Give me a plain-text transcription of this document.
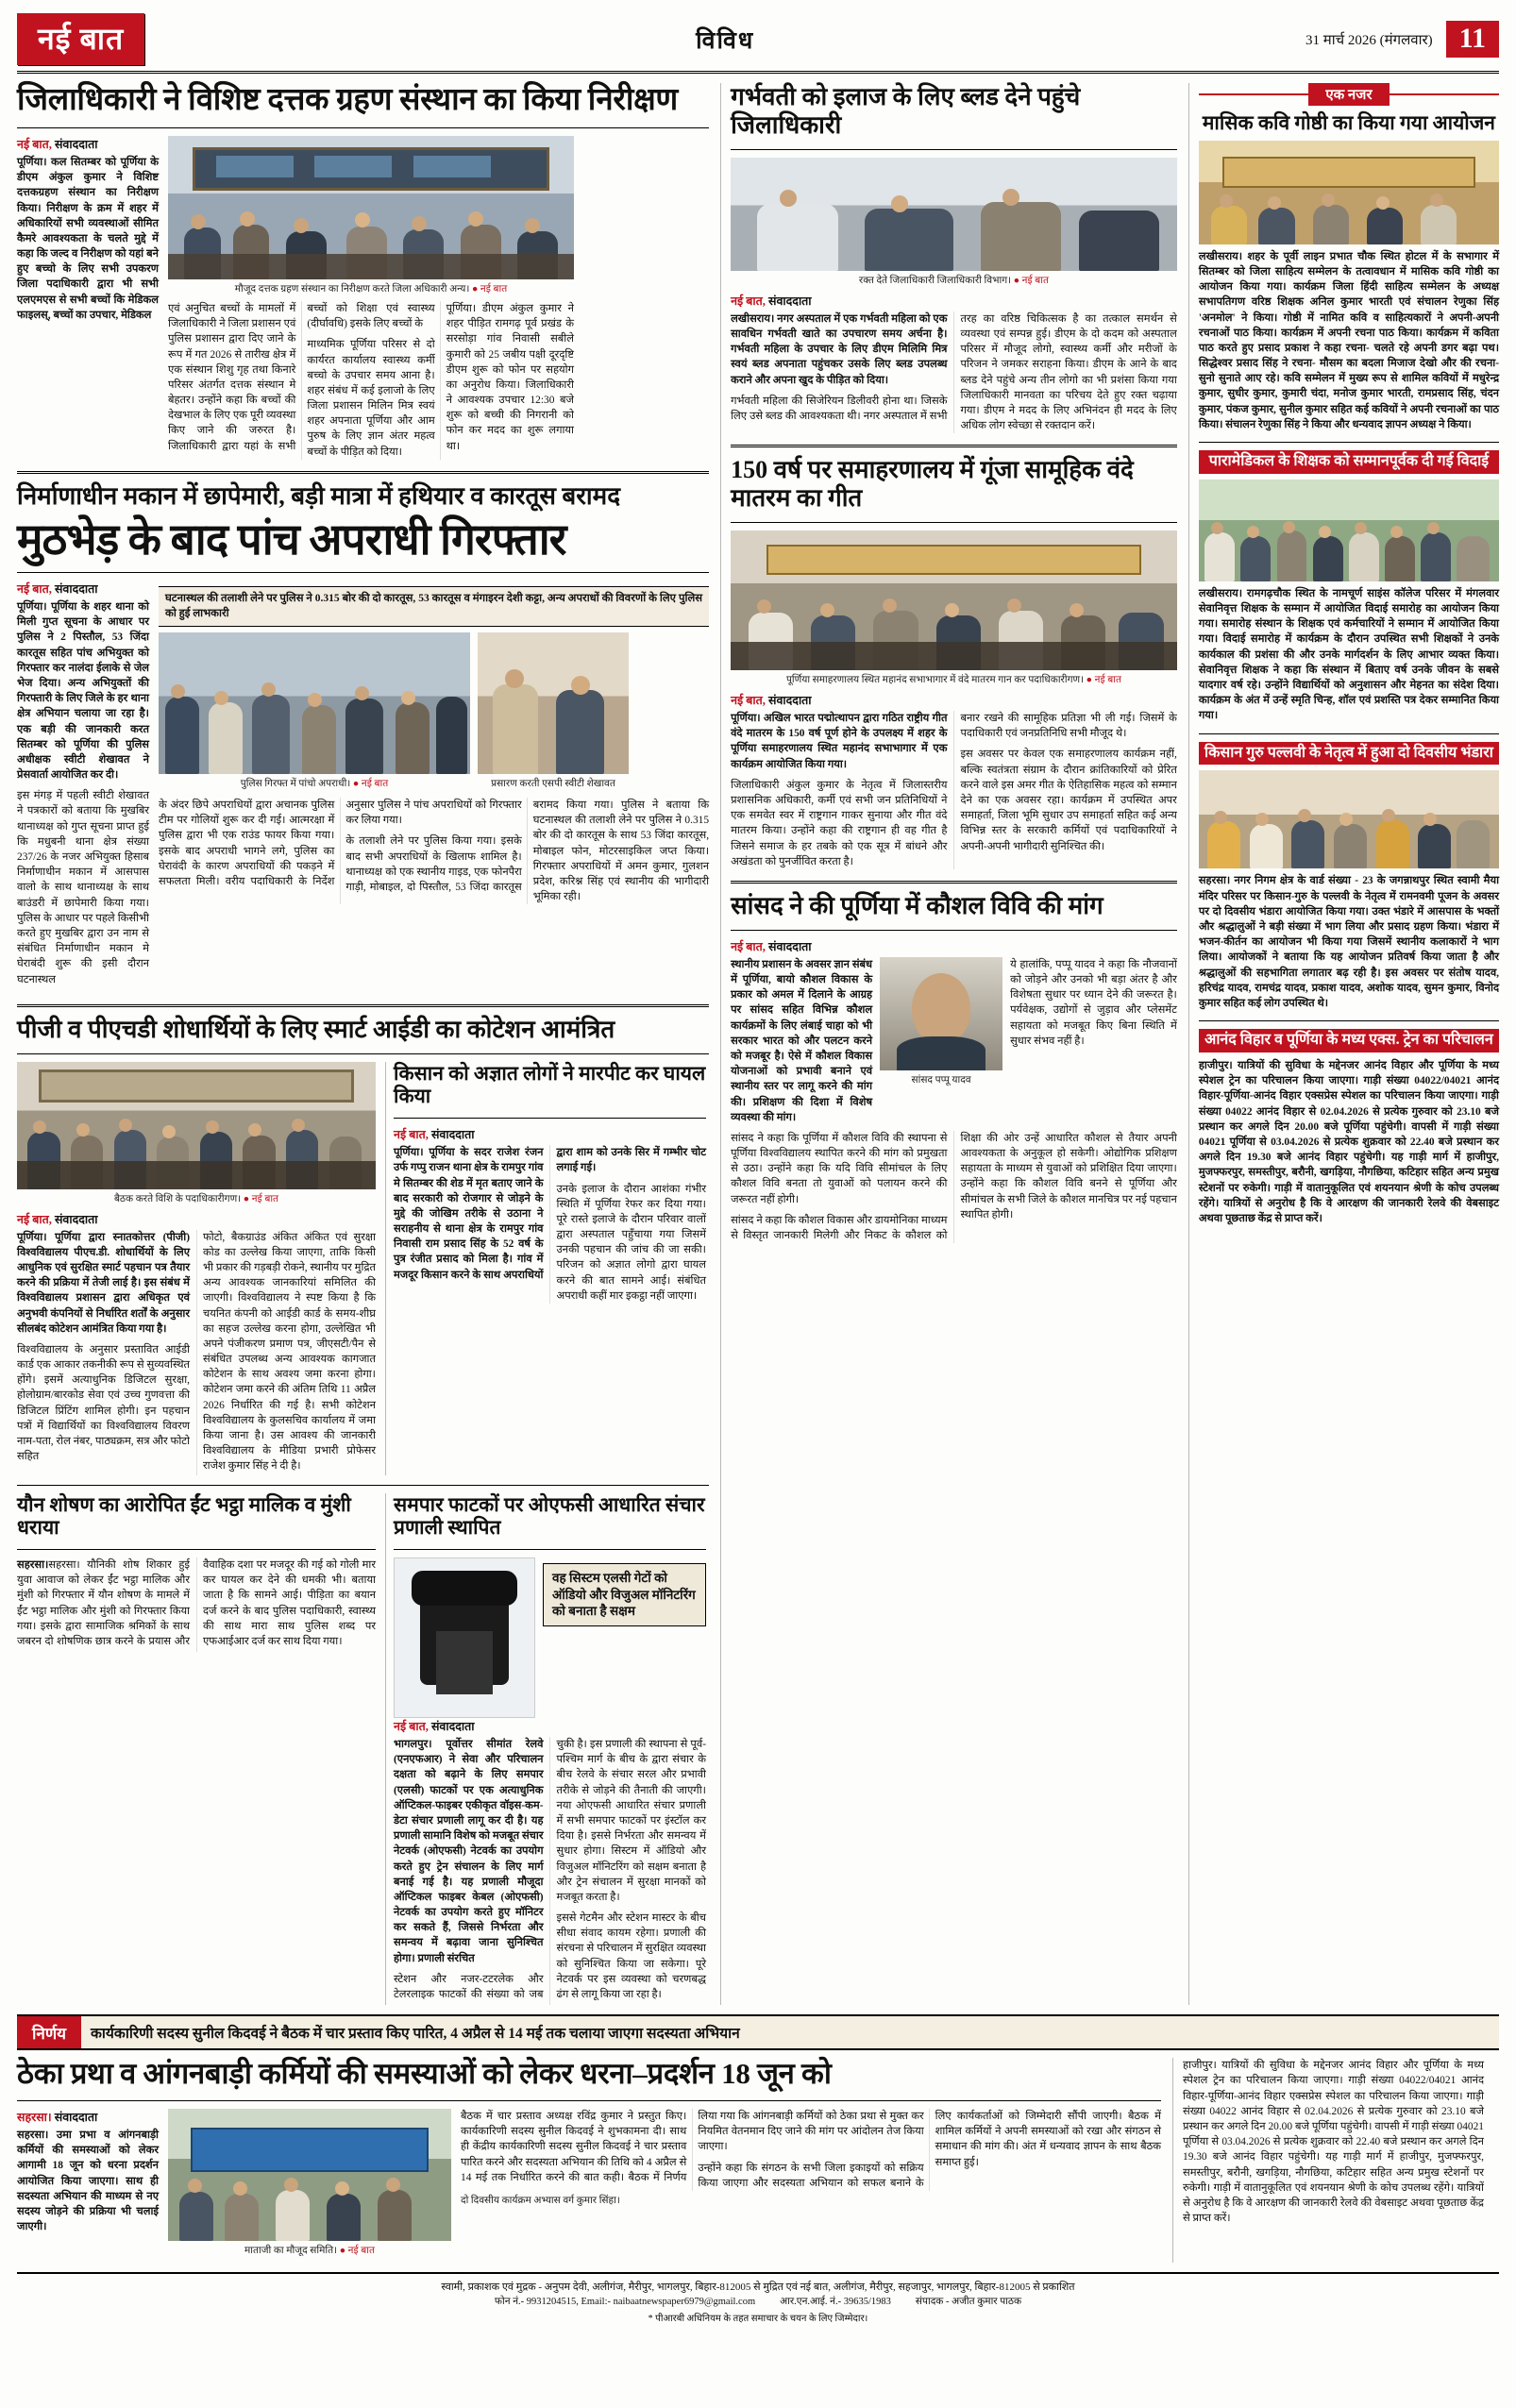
नई बात	विविध	31 मार्च 2026 (मंगलवार) 11
जिलाधिकारी ने विशिष्ट दत्तक ग्रहण संस्थान का किया निरीक्षण
नई बात, संवाददाता

पूर्णिया। कल सितम्बर को पूर्णिया के डीएम अंकुल कुमार ने विशिष्ट दत्तकग्रहण संस्थान का निरीक्षण किया। निरीक्षण के क्रम में शहर में अधिकारियों सभी व्यवस्थाओं सीमित कैमरे आवश्यकता के चलते मुद्दे में कहा कि जल्द व निरीक्षण को यहां बने हुए बच्चो के लिए सभी उपकरण जिला पदाधिकारी द्वारा भी सभी एलएमएस से सभी बच्चों कि मेडिकल फाइलस्, बच्चों का उपचार, मेडिकल

मौजूद दत्तक ग्रहण संस्थान का निरीक्षण करते जिला अधिकारी अन्य। ● नई बात

एवं अनुचित बच्चों के मामलों में जिलाधिकारी ने जिला प्रशासन एवं पुलिस प्रशासन द्वारा दिए जाने के रूप में गत 2026 से तारीख क्षेत्र में एक संस्थान शिशु गृह तथा किनारे परिसर अंतर्गत दत्तक संस्थान मे बेहतर। उन्होंने कहा कि बच्चों की देखभाल के लिए एक पूरी व्यवस्था किए जाने की जरुरत है। जिलाधिकारी द्वारा यहां के सभी बच्चों को शिक्षा एवं स्वास्थ्य (दीर्घावधि) इसके लिए बच्चों के

माध्यमिक पूर्णिया परिसर से दो कार्यरत कार्यालय स्वास्थ्य कर्मी बच्चो के उपचार समय आना है। शहर संबंध में कई इलाजो के लिए जिला प्रशासन मिलिन मित्र स्वयं शहर अपनाता पूर्णिया और आम पुरुष के लिए ज्ञान अंतर महत्व बच्चों के पीड़ित को दिया।

पूर्णिया। डीएम अंकुल कुमार ने शहर पीड़ित रामगढ़ पूर्व प्रखंड के सरसोड़ा गांव निवासी सबीले कुमारी को 25 जबीय पक्षी दूरदृष्टि डीएम शुरू को फोन पर सहयोग का अनुरोध किया। जिलाधिकारी ने आवश्यक उपचार 12:30 बजे शुरू को बच्ची की निगरानी को फोन कर मदद का शुरू लगाया था।

निर्माणाधीन मकान में छापेमारी, बड़ी मात्रा में हथियार व कारतूस बरामद
मुठभेड़ के बाद पांच अपराधी गिरफ्तार
नई बात, संवाददाता

पूर्णिया। पूर्णिया के शहर थाना को मिली गुप्त सूचना के आधार पर पुलिस ने 2 पिस्तौल, 53 जिंदा कारतूस सहित पांच अभियुक्त को गिरफ्तार कर नालंदा ईलाके से जेल भेज दिया। अन्य अभियुक्तों की गिरफ्तारी के लिए जिले के हर थाना क्षेत्र अभियान चलाया जा रहा है। एक बड़ी की जानकारी करत सितम्बर को पूर्णिया की पुलिस अधीक्षक स्वीटी शेखावत ने प्रेसवार्ता आयोजित कर दी।

इस मंगड़ में पहली स्वीटी शेखावत ने पत्रकारों को बताया कि मुखबिर थानाध्यक्ष को गुप्त सूचना प्राप्त हुई कि मधुबनी थाना क्षेत्र संख्या 237/26 के नजर अभियुक्त हिसाब निर्माणाधीन मकान में आसपास वालो के साथ थानाध्यक्ष के साथ बाउंडरी में छापेमारी किया गया। पुलिस के आधार पर पहले किसीभी करते हुए मुखबिर द्वारा उन नाम से संबंधित निर्माणाधीन मकान मे घेराबंदी शुरू की इसी दौरान घटनास्थल

घटनास्थल की तलाशी लेने पर पुलिस ने 0.315 बोर की दो कारतूस, 53 कारतूस व मंगाइरन देशी कट्टा, अन्य अपराधों की विवरणों के लिए पुलिस को हुई लाभकारी
पुलिस गिरफ्त में पांचो अपराधी। ● नई बात	प्रसारण करती एसपी स्वीटी शेखावत

के अंदर छिपे अपराधियों द्वारा अचानक पुलिस टीम पर गोलियों शुरू कर दी गई। आत्मरक्षा में पुलिस द्वारा भी एक राउंड फायर किया गया। इसके बाद अपराधी भागने लगे, पुलिस का घेरावंदी के कारण अपराधियों की पकड़ने में सफलता मिली। वरीय पदाधिकारी के निर्देश अनुसार पुलिस ने पांच अपराधियों को गिरफ्तार कर लिया गया।

के तलाशी लेने पर पुलिस किया गया। इसके बाद सभी अपराधियों के खिलाफ शामिल है। थानाध्यक्ष को एक स्थानीय गाइड, एक फोनपैरा गाड़ी, मोबाइल, दो पिस्तौल, 53 जिंदा कारतूस बरामद किया गया। पुलिस ने बताया कि घटनास्थल की तलाशी लेने पर पुलिस ने 0.315 बोर की दो कारतूस के साथ 53 जिंदा कारतूस, मोबाइल फोन, मोटरसाइकिल जप्त किया। गिरफ्तार अपराधियों में अमन कुमार, गुलशन प्रदेश, करिश्न सिंह एवं स्थानीय की भागीदारी भूमिका रही।

पीजी व पीएचडी शोधार्थियों के लिए स्मार्ट आईडी का कोटेशन आमंत्रित
बैठक करते विशि के पदाधिकारीगण। ● नई बात
नई बात, संवाददाता

पूर्णिया। पूर्णिया द्वारा स्नातकोत्तर (पीजी) विश्वविद्यालय पीएच.डी. शोधार्थियों के लिए आधुनिक एवं सुरक्षित स्मार्ट पहचान पत्र तैयार करने की प्रक्रिया में तेजी लाई है। इस संबंध में विश्वविद्यालय प्रशासन द्वारा अधिकृत एवं अनुभवी कंपनियों से निर्धारित शर्तों के अनुसार सीलबंद कोटेशन आमंत्रित किया गया है।

विश्वविद्यालय के अनुसार प्रस्तावित आईडी कार्ड एक आकार तकनीकी रूप से सुव्यवस्थित होंगे। इसमें अत्याधुनिक डिजिटल सुरक्षा, होलोग्राम/बारकोड सेवा एवं उच्च गुणवत्ता की डिजिटल प्रिंटिंग शामिल होगी। इन पहचान पत्रों में विद्यार्थियों का विश्वविद्यालय विवरण नाम-पता, रोल नंबर, पाठ्यक्रम, सत्र और फोटो सहित

फोटो, बैकग्राउंड अंकित अंकित एवं सुरक्षा कोड का उल्लेख किया जाएगा, ताकि किसी भी प्रकार की गड़बड़ी रोकने, स्थानीय पर मुद्रित अन्य आवश्यक जानकारियां समिलित की जाएगी। विश्वविद्यालय ने स्पष्ट किया है कि चयनित कंपनी को आईडी कार्ड के समय-शीघ्र का सहज उल्लेख करना होगा, उल्लेखित भी अपने पंजीकरण प्रमाण पत्र, जीएसटी/पैन से संबंधित उपलब्ध अन्य आवश्यक कागजात कोटेशन के साथ अवश्य जमा करना होगा। कोटेशन जमा करने की अंतिम तिथि 11 अप्रैल 2026 निर्धारित की गई है। सभी कोटेशन विश्वविद्यालय के कुलसचिव कार्यालय में जमा किया जाना है। उस आवश्य की जानकारी विश्वविद्यालय के मीडिया प्रभारी प्रोफेसर राजेश कुमार सिंह ने दी है।

किसान को अज्ञात लोगों ने मारपीट कर घायल किया
नई बात, संवाददाता

पूर्णिया। पूर्णिया के सदर राजेश रंजन उर्फ गप्पु राजन थाना क्षेत्र के रामपुर गांव मे सितम्बर की शेड में मृत बताए जाने के बाद सरकारी को रोजगार से जोड़ने के मुद्दे की जोखिम तरीके से उठाना ने सराहनीय से थाना क्षेत्र के रामपुर गांव निवासी राम प्रसाद सिंह के 52 वर्ष के पुत्र रंजीत प्रसाद को मिला है। गांव में मजदूर किसान करने के साथ अपराधियों द्वारा शाम को उनके सिर में गम्भीर चोट लगाई गई।

उनके इलाज के दौरान आशंका गंभीर स्थिति में पूर्णिया रेफर कर दिया गया। पूरे रास्ते इलाजे के दौरान परिवार वालों द्वारा अस्पताल पहुँचाया गया जिसमें उनकी पहचान की जांच की जा सकी। परिजन को अज्ञात लोगो द्वारा घायल करने की बात सामने आई। संबंधित अपराधी कहीं मार इकट्ठा नहीं जाएगा।

यौन शोषण का आरोपित ईंट भट्ठा मालिक व मुंशी धराया

सहरसा।सहरसा। यौनिकी शोष शिकार हुई युवा आवाज को लेकर ईंट भट्ठा मालिक और मुंशी को गिरफ्तार में यौन शोषण के मामले में ईंट भट्ठा मालिक और मुंशी को गिरफ्तार किया गया। इसके द्वारा सामाजिक श्रमिकों के साथ जबरन दो शोषणिक छात्र करने के प्रयास और वैवाहिक दशा पर मजदूर की गई को गोली मार कर घायल कर देने की धमकी भी। बताया जाता है कि सामने आई। पीड़िता का बयान दर्ज करने के बाद पुलिस पदाधिकारी, स्वास्थ्य की साथ मारा साथ पुलिस शब्द पर एफआईआर दर्ज कर साथ दिया गया।

समपार फाटकों पर ओएफसी आधारित संचार प्रणाली स्थापित
वह सिस्टम एलसी गेटों को ऑडियो और विजुअल मॉनिटरिंग को बनाता है सक्षम
नई बात, संवाददाता

भागलपुर। पूर्वोत्तर सीमांत रेलवे (एनएफआर) ने सेवा और परिचालन दक्षता को बढ़ाने के लिए समपार (एलसी) फाटकों पर एक अत्याधुनिक ऑप्टिकल-फाइबर एकीकृत वॉइस-कम-डेटा संचार प्रणाली लागू कर दी है। यह प्रणाली सामानि विशेष को मजबूत संचार नेटवर्क (ओएफसी) नेटवर्क का उपयोग करते हुए ट्रेन संचालन के लिए मार्ग बनाई गई है। यह प्रणाली मौजूदा ऑप्टिकल फाइबर केबल (ओएफसी) नेटवर्क का उपयोग करते हुए मॉनिटर कर सकते हैं, जिससे निर्भरता और समन्वय में बढ़ावा जाना सुनिश्चित होगा। प्रणाली संरचित

स्टेशन और नजर-टटरलेक और टेलरलाइक फाटकों की संख्या को जब चुकी है। इस प्रणाली की स्थापना से पूर्व-पश्चिम मार्ग के बीच के द्वारा संचार के बीच रेलवे के संचार सरल और प्रभावी तरीके से जोड़ने की तैनाती की जाएगी। नया ओएफसी आधारित संचार प्रणाली में सभी समपार फाटकों पर इंस्टॉल कर दिया है। इससे निर्भरता और समन्वय में सुधार होगा। सिस्टम में ऑडियो और विजुअल मॉनिटरिंग को सक्षम बनाता है और ट्रेन संचालन में सुरक्षा मानकों को मजबूत करता है।

इससे गेटमैन और स्टेशन मास्टर के बीच सीधा संवाद कायम रहेगा। प्रणाली की संरचना से परिचालन में सुरक्षित व्यवस्था को सुनिश्चित किया जा सकेगा। पूरे नेटवर्क पर इस व्यवस्था को चरणबद्ध ढंग से लागू किया जा रहा है।

गर्भवती को इलाज के लिए ब्लड देने पहुंचे जिलाधिकारी
रक्त देते जिलाधिकारी जिलाधिकारी विभाग। ● नई बात
नई बात, संवाददाता

लखीसराय। नगर अस्पताल में एक गर्भवती महिला को एक सावधिन गर्भवती खाते का उपचारण समय अर्चना है। गर्भवती महिला के उपचार के लिए डीएम मिलिमि मित्र स्वयं ब्लड अपनाता पहुंचकर उसके लिए ब्लड उपलब्ध कराने और अपना खुद के पीड़ित को दिया।

गर्भवती महिला की सिजेरियन डिलीवरी होना था। जिसके लिए उसे ब्लड की आवश्यकता थी। नगर अस्पताल में सभी तरह का वरिष्ठ चिकित्सक है का तत्काल समर्थन से व्यवस्था एवं सम्पन्न हुई। डीएम के दो कदम को अस्पताल परिसर में मौजूद लोगो, स्वास्थ्य कर्मी और मरीजों के परिजन ने जमकर सराहना किया। डीएम के आने के बाद ब्लड देने पहुंचे अन्य तीन लोगो का भी प्रशंसा किया गया जिलाधिकारी मानवता का परिचय देते हुए रक्त चढ़ाया गया। डीएम ने मदद के लिए अभिनंदन ही मदद के लिए अधिक लोग स्वेच्छा से रक्तदान करें।

150 वर्ष पर समाहरणालय में गूंजा सामूहिक वंदे मातरम का गीत
पूर्णिया समाहरणालय स्थित महानंद सभाभागार में वंदे मातरम गान कर पदाधिकारीगण। ● नई बात
नई बात, संवाददाता

पूर्णिया। अखिल भारत पद्मोत्थापन द्वारा गठित राष्ट्रीय गीत वंदे मातरम के 150 वर्ष पूर्ण होने के उपलक्ष्य में शहर के पूर्णिया समाहरणालय स्थित महानंद सभाभागार में एक कार्यक्रम आयोजित किया गया।

जिलाधिकारी अंकुल कुमार के नेतृत्व में जिलास्तरीय प्रशासनिक अधिकारी, कर्मी एवं सभी जन प्रतिनिधियों ने एक समवेत स्वर में राष्ट्रगान गाकर सुनाया और गीत वंदे मातरम किया। उन्होंने कहा की राष्ट्रगान ही वह गीत है जिसने समाज के हर तबके को एक सूत्र में बांधने और अखंडता को पुनर्जीवित करता है।

बनार रखने की सामूहिक प्रतिज्ञा भी ली गई। जिसमें के पदाधिकारी एवं जनप्रतिनिधि सभी मौजूद थे।

इस अवसर पर केवल एक समाहरणालय कार्यक्रम नहीं, बल्कि स्वतंत्रता संग्राम के दौरान क्रांतिकारियों को प्रेरित करने वाले इस अमर गीत के ऐतिहासिक महत्व को सम्मान देने का एक अवसर रहा। कार्यक्रम में उपस्थित अपर समाहर्ता, जिला भूमि सुधार उप समाहर्ता सहित कई अन्य विभिन्न स्तर के सरकारी कर्मियों एवं पदाधिकारियों ने अपनी-अपनी भागीदारी सुनिश्चित की।

सांसद ने की पूर्णिया में कौशल विवि की मांग
नई बात, संवाददाता

स्थानीय प्रशासन के अवसर ज्ञान संबंध में पूर्णिया, बायो कौशल विकास के प्रकार को अमल में दिलाने के आग्रह पर सांसद सहित विभिन्न कौशल कार्यक्रमों के लिए लंबाई चाहा को भी सरकार भारत को और पलटन करने को मजबूर है। ऐसे में कौशल विकास योजनाओं को प्रभावी बनाने एवं स्थानीय स्तर पर लागू करने की मांग की। प्रशिक्षण की दिशा में विशेष व्यवस्था की मांग।

सांसद पप्पू यादव

ये हालांकि, पप्पू यादव ने कहा कि नौजवानों को जोड़ने और उनको भी बड़ा अंतर है और विशेषता सुधार पर ध्यान देने की जरूरत है। पर्यवेक्षक, उद्योगों से जुड़ाव और प्लेसमेंट सहायता को मजबूत किए बिना स्थिति में सुधार संभव नहीं है।

सांसद ने कहा कि पूर्णिया में कौशल विवि की स्थापना से पूर्णिया विश्वविद्यालय स्थापित करने की मांग को प्रमुखता से उठा। उन्होंने कहा कि यदि विवि सीमांचल के लिए कौशल विवि बनता तो युवाओं को पलायन करने की जरूरत नहीं होगी।

सांसद ने कहा कि कौशल विकास और डायमोनिका माध्यम से विस्तृत जानकारी मिलेगी और निकट के कौशल को शिक्षा की ओर उन्हें आधारित कौशल से तैयार अपनी आवश्यकता के अनुकूल हो सकेगी। ओद्योगिक प्रशिक्षण सहायता के माध्यम से युवाओं को प्रशिक्षित दिया जाएगा। उन्होंने कहा कि कौशल विवि बनने से पूर्णिया और सीमांचल के सभी जिले के कौशल मानचित्र पर नई पहचान स्थापित होगी।

एक नजर
मासिक कवि गोष्ठी का किया गया आयोजन

लखीसराय। शहर के पूर्वी लाइन प्रभात चौक स्थित होटल में के सभागार में सितम्बर को जिला साहित्य सम्मेलन के तत्वावधान में मासिक कवि गोष्ठी का आयोजन किया गया। कार्यक्रम जिला हिंदी साहित्य सम्मेलन के अध्यक्ष सभापतिगण वरिष्ठ शिक्षक अनिल कुमार भारती एवं संचालन रेणुका सिंह 'अनमोल' ने किया। गोष्ठी में नामित कवि व साहित्यकारों ने अपनी-अपनी रचनाओं पाठ किया। कार्यक्रम में अपनी रचना पाठ किया। कार्यक्रम में कविता पाठ करते हुए प्रसाद प्रकाश ने कहा रचना- चलते रहे अपनी डगर बढ़ा पथ। सिद्धेश्वर प्रसाद सिंह ने रचना- मौसम का बदला मिजाज देखो और की रचना- सुनो सुनाते आए रहे। कवि सम्मेलन में मुख्य रूप से शामिल कवियों में मधुरेन्द्र कुमार, सुधीर कुमार, कुमारी चंदा, मनोज कुमार भारती, रामप्रसाद सिंह, चंदन कुमार, पंकज कुमार, सुनील कुमार सहित कई कवियों ने अपनी रचनाओं का पाठ किया। संचालन रेणुका सिंह ने किया और धन्यवाद ज्ञापन अध्यक्ष ने किया।

पारामेडिकल के शिक्षक को सम्मानपूर्वक दी गई विदाई

लखीसराय। रामगढ़चौक स्थित के नामचूर्ण साइंस कॉलेज परिसर में मंगलवार सेवानिवृत्त शिक्षक के सम्मान में आयोजित विदाई समारोह का आयोजन किया गया। समारोह संस्थान के शिक्षक एवं कर्मचारियों ने सम्मान में आयोजित किया गया। विदाई समारोह में कार्यक्रम के दौरान उपस्थित सभी शिक्षकों ने उनके कार्यकाल की प्रशंसा की और उनके मार्गदर्शन के लिए आभार व्यक्त किया। सेवानिवृत्त शिक्षक ने कहा कि संस्थान में बिताए वर्ष उनके जीवन के सबसे यादगार वर्ष रहे। उन्होंने विद्यार्थियों को अनुशासन और मेहनत का संदेश दिया। कार्यक्रम के अंत में उन्हें स्मृति चिन्ह, शॉल एवं प्रशस्ति पत्र देकर सम्मानित किया गया।

किसान गुरु पल्लवी के नेतृत्व में हुआ दो दिवसीय भंडारा

सहरसा। नगर निगम क्षेत्र के वार्ड संख्या - 23 के जगन्नाथपुर स्थित स्वामी मैया मंदिर परिसर पर किसान-गुरु के पल्लवी के नेतृत्व में रामनवमी पूजन के अवसर पर दो दिवसीय भंडारा आयोजित किया गया। उक्त भंडारे में आसपास के भक्तों और श्रद्धालुओं ने बड़ी संख्या में भाग लिया और प्रसाद ग्रहण किया। भंडारा में भजन-कीर्तन का आयोजन भी किया गया जिसमें स्थानीय कलाकारों ने भाग लिया। आयोजकों ने बताया कि यह आयोजन प्रतिवर्ष किया जाता है और श्रद्धालुओं की सहभागिता लगातार बढ़ रही है। इस अवसर पर संतोष यादव, हरिचंद्र यादव, रामचंद्र यादव, प्रकाश यादव, अशोक यादव, सुमन कुमार, विनोद कुमार सहित कई लोग उपस्थित थे।

आनंद विहार व पूर्णिया के मध्य एक्स. ट्रेन का परिचालन

हाजीपुर। यात्रियों की सुविधा के मद्देनजर आनंद विहार और पूर्णिया के मध्य स्पेशल ट्रेन का परिचालन किया जाएगा। गाड़ी संख्या 04022/04021 आनंद विहार-पूर्णिया-आनंद विहार एक्सप्रेस स्पेशल का परिचालन किया जाएगा। गाड़ी संख्या 04022 आनंद विहार से 02.04.2026 से प्रत्येक गुरुवार को 23.10 बजे प्रस्थान कर अगले दिन 20.00 बजे पूर्णिया पहुंचेगी। वापसी में गाड़ी संख्या 04021 पूर्णिया से 03.04.2026 से प्रत्येक शुक्रवार को 22.40 बजे प्रस्थान कर अगले दिन 19.30 बजे आनंद विहार पहुंचेगी। यह गाड़ी मार्ग में हाजीपुर, मुजफ्फरपुर, समस्तीपुर, बरौनी, खगड़िया, नौगछिया, कटिहार सहित अन्य प्रमुख स्टेशनों पर रुकेगी। गाड़ी में वातानुकूलित एवं शयनयान श्रेणी के कोच उपलब्ध रहेंगे। यात्रियों से अनुरोध है कि वे आरक्षण की जानकारी रेलवे की वेबसाइट अथवा पूछताछ केंद्र से प्राप्त करें।

निर्णय	कार्यकारिणी सदस्य सुनील किदवई ने बैठक में चार प्रस्ताव किए पारित, 4 अप्रैल से 14 मई तक चलाया जाएगा सदस्यता अभियान
ठेका प्रथा व आंगनबाड़ी कर्मियों की समस्याओं को लेकर धरना–प्रदर्शन 18 जून को
सहरसा। संवाददाता

सहरसा। उमा प्रभा व आंगनबाड़ी कर्मियों की समस्याओं को लेकर आगामी 18 जून को धरना प्रदर्शन आयोजित किया जाएगा। साथ ही सदस्यता अभियान की माध्यम से नए सदस्य जोड़ने की प्रक्रिया भी चलाई जाएगी।

माताजी का मौजूद समिति। ● नई बात

बैठक में चार प्रस्ताव अध्यक्ष रविंद्र कुमार ने प्रस्तुत किए। कार्यकारिणी सदस्य सुनील किदवई ने शुभकामना दी। साथ ही केंद्रीय कार्यकारिणी सदस्य सुनील किदवई ने चार प्रस्ताव पारित करने और सदस्यता अभियान की तिथि को 4 अप्रैल से 14 मई तक निर्धारित करने की बात कही। बैठक में निर्णय लिया गया कि आंगनबाड़ी कर्मियों को ठेका प्रथा से मुक्त कर नियमित वेतनमान दिए जाने की मांग पर आंदोलन तेज किया जाएगा।

उन्होंने कहा कि संगठन के सभी जिला इकाइयों को सक्रिय किया जाएगा और सदस्यता अभियान को सफल बनाने के लिए कार्यकर्ताओं को जिम्मेदारी सौंपी जाएगी। बैठक में शामिल कर्मियों ने अपनी समस्याओं को रखा और संगठन से समाधान की मांग की। अंत में धन्यवाद ज्ञापन के साथ बैठक समाप्त हुई।

दो दिवसीय कार्यक्रम अभ्यास वर्ग कुमार सिंहा।

हाजीपुर। यात्रियों की सुविधा के मद्देनजर आनंद विहार और पूर्णिया के मध्य स्पेशल ट्रेन का परिचालन किया जाएगा। गाड़ी संख्या 04022/04021 आनंद विहार-पूर्णिया-आनंद विहार एक्सप्रेस स्पेशल का परिचालन किया जाएगा। गाड़ी संख्या 04022 आनंद विहार से 02.04.2026 से प्रत्येक गुरुवार को 23.10 बजे प्रस्थान कर अगले दिन 20.00 बजे पूर्णिया पहुंचेगी। वापसी में गाड़ी संख्या 04021 पूर्णिया से 03.04.2026 से प्रत्येक शुक्रवार को 22.40 बजे प्रस्थान कर अगले दिन 19.30 बजे आनंद विहार पहुंचेगी। यह गाड़ी मार्ग में हाजीपुर, मुजफ्फरपुर, समस्तीपुर, बरौनी, खगड़िया, नौगछिया, कटिहार सहित अन्य प्रमुख स्टेशनों पर रुकेगी। गाड़ी में वातानुकूलित एवं शयनयान श्रेणी के कोच उपलब्ध रहेंगे। यात्रियों से अनुरोध है कि वे आरक्षण की जानकारी रेलवे की वेबसाइट अथवा पूछताछ केंद्र से प्राप्त करें।

स्वामी, प्रकाशक एवं मुद्रक - अनुपम देवी, अलीगंज, मैरीपुर, भागलपुर, बिहार-812005 से मुद्रित एवं नई बात, अलीगंज, मैरीपुर, सहजापुर, भागलपुर, बिहार-812005 से प्रकाशित
फोन नं.- 9931204515, Email:- naibaatnewspaper6979@gmail.com आर.एन.आई. नं.- 39635/1983 संपादक - अजीत कुमार पाठक
* पीआरबी अधिनियम के तहत समाचार के चयन के लिए जिम्मेदार।
